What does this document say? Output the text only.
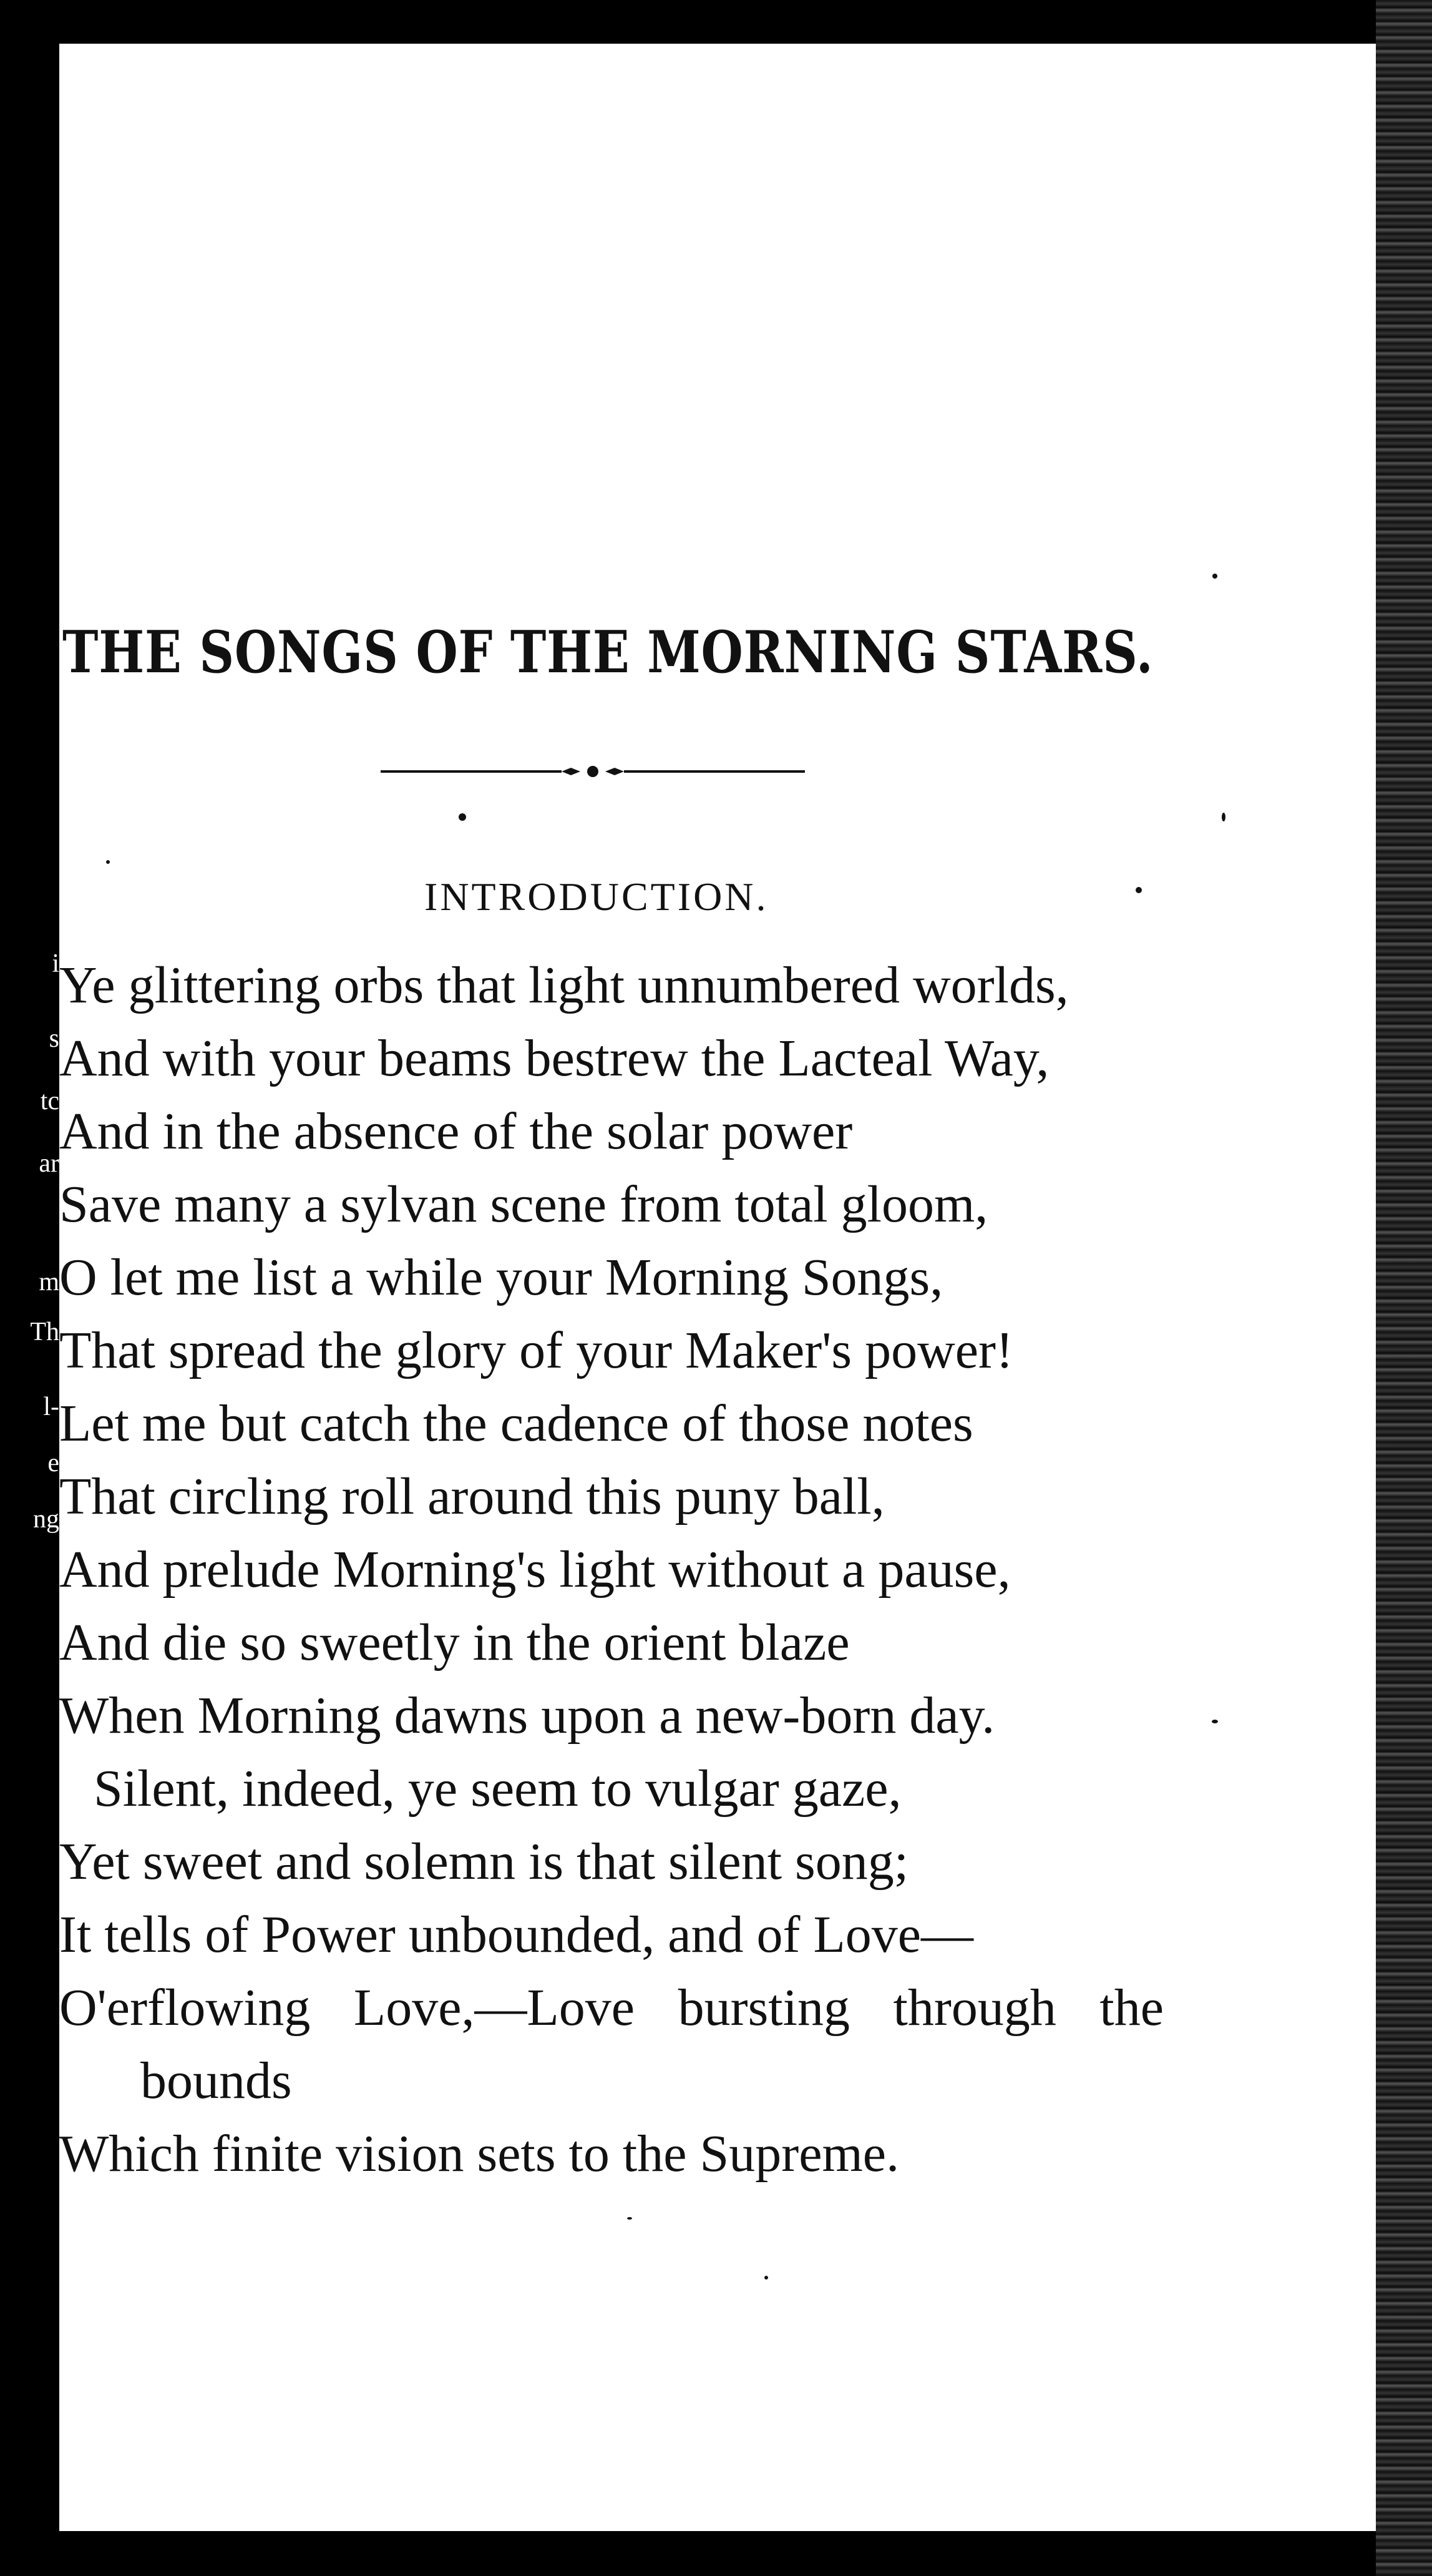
i
s
tc
ar
m
Th
l-
e
ng
THE SONGS OF THE MORNING STARS.
INTRODUCTION.
Ye glittering orbs that light unnumbered worlds,
And with your beams bestrew the Lacteal Way,
And in the absence of the solar power
Save many a sylvan scene from total gloom,
O let me list a while your Morning Songs,
That spread the glory of your Maker's power!
Let me but catch the cadence of those notes
That circling roll around this puny ball,
And prelude Morning's light without a pause,
And die so sweetly in the orient blaze
When Morning dawns upon a new-born day.
Silent, indeed, ye seem to vulgar gaze,
Yet sweet and solemn is that silent song;
It tells of Power unbounded, and of Love—
O'erflowing Love,—Love bursting through the
bounds
Which finite vision sets to the Supreme.
